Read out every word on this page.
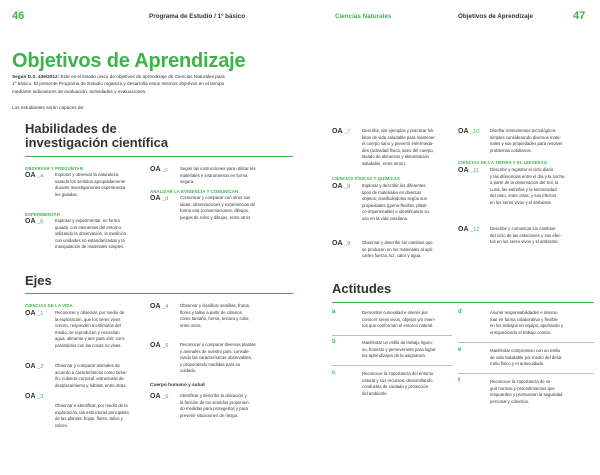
46	Programa de Estudio / 1º básico
Objetivos de Aprendizaje
Según D.S. 439/2012: Este es el listado único de objetivos de aprendizaje de Ciencias Naturales para
1º básico. El presente Programa de Estudio organiza y desarrolla estos mismos objetivos en el tiempo
mediante indicadores de evaluación, actividades y evaluaciones.
Los estudiantes serán capaces de:
Habilidades de
investigación científica
OBSERVAR Y PREGUNTAR
OA _a	Explorar y observar la naturaleza,
usando los sentidos apropiadamente
durante investigaciones experimenta-
les guiadas.
EXPERIMENTAR
OA _b	Explorar y experimentar, en forma
guiada, con elementos del entorno,
utilizando la observación, la medición
con unidades no estandarizadas y la
manipulación de materiales simples.
OA _c	Seguir las instrucciones para utilizar los
materiales e instrumentos en forma
segura.
ANALIZAR LA EVIDENCIA Y COMUNICAR
OA _d	Comunicar y comparar con otros sus
ideas, observaciones y experiencias de
forma oral (conversaciones, dibujos,
juegos de roles y dibujos, entre otros.
Ejes
CIENCIAS DE LA VIDA
OA _1	Reconocer y observar, por medio de
la exploración, que los seres vivos
crecen, responden a estímulos del
medio, se reproducen y necesitan
agua, alimento y aire para vivir, com-
parándolos con las cosas no vivas.
OA _2	Observar y comparar animales de
acuerdo a características como tama-
ño, cubierta corporal, estructuras de
desplazamiento y hábitat, entre otras.
OA _3
Observar e identificar, por medio de la
exploración, las estructuras principales
de las plantas: hojas, flores, tallos y
raíces.
OA _4	Observar y clasificar semillas, frutos,
flores y tallos a partir de criterios
como tamaño, forma, textura y color,
entre otros.
OA _5	Reconocer y comparar diversas plantas
y animales de nuestro país, conside-
rando las características observables,
y proponiendo medidas para su
cuidado.
Cuerpo humano y salud
OA _6	Identificar y describir la ubicación y
la función de los sentidos proponien-
do medidas para protegerlos y para
prevenir situaciones de riesgo.
Ciencias Naturales	Objetivos de Aprendizaje	47
OA _7	Describir, dar ejemplos y practicar há-
bitos de vida saludable para mantener
el cuerpo sano y prevenir enfermeda-
des (actividad física, aseo del cuerpo,
lavado de alimentos y alimentación
saludable, entre otros).
CIENCIAS FÍSICAS Y QUÍMICAS
OA _8	Explorar y describir los diferentes
tipos de materiales en diversos
objetos, clasificándolos según sus
propiedades (goma-flexible, plásti-
co-impermeable) e identificando su
uso en la vida cotidiana.
OA _9	Observar y describir los cambios que
se producen en los materiales al apli-
carles fuerza, luz, calor y agua.
OA _10 Diseñar instrumentos tecnológicos
simples considerando diversos mate-
riales y sus propiedades para resolver
problemas cotidianos.
CIENCIAS DE LA TIERRA Y EL UNIVERSO
OA _11	Describir y registrar el ciclo diario
y las diferencias entre el día y la noche,
a partir de la observación del Sol, la
Luna, las estrellas y la luminosidad
del cielo, entre otras, y sus efectos
en los seres vivos y el ambiente.
OA _12 Describir y comunicar los cambios
del ciclo de las estaciones y sus efec-
tos en los seres vivos y el ambiente.
Actitudes
a	Demostrar curiosidad e interés por
conocer seres vivos, objetos y/o even-
tos que conforman el entorno natural.
b	Manifestar un estilo de trabajo riguro-
so, honesto y perseverante para lograr
los aprendizajes de la asignatura.
c	Reconocer la importancia del entorno
natural y sus recursos, desarrollando
conductas de cuidado y protección
del ambiente.
d	Asumir responsabilidades e interac-
tuar en forma colaborativa y flexible
en los trabajos en equipo, aportando y
enriqueciendo el trabajo común.
e	Manifestar compromiso con un estilo
de vida saludable por medio del desa-
rrollo físico y el autocuidado.
f	Reconocer la importancia de se-
guir normas y procedimientos que
resguarden y promuevan la seguridad
personal y colectiva.
